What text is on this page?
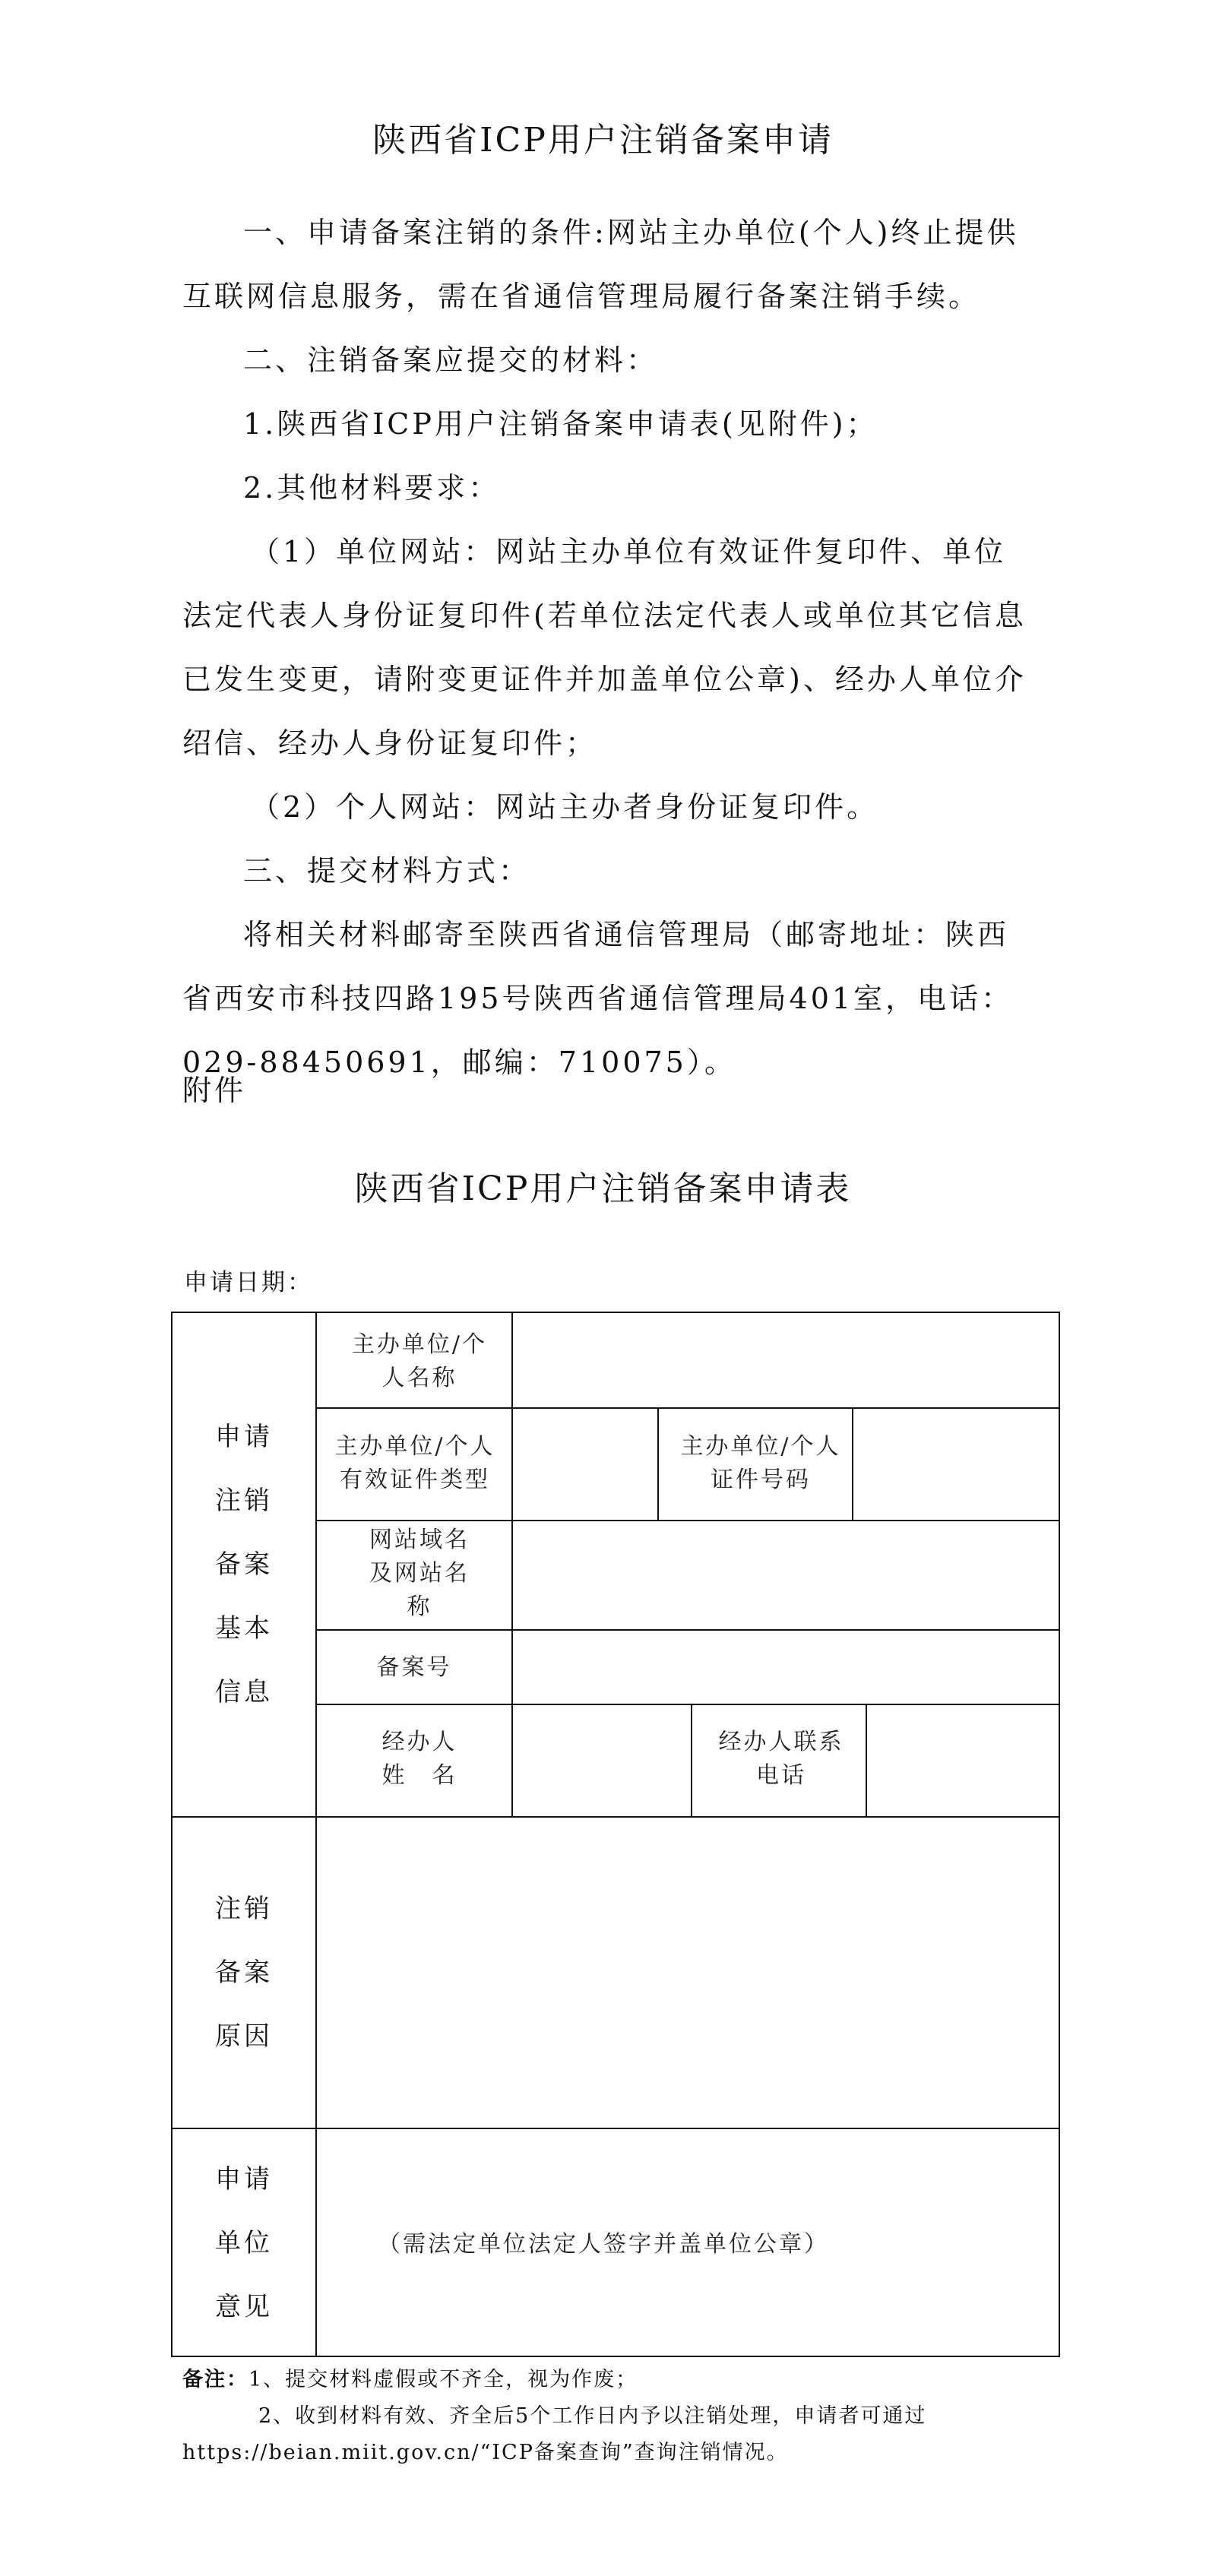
陕西省ICP用户注销备案申请

一、申请备案注销的条件:网站主办单位(个人)终止提供互联网信息服务，需在省通信管理局履行备案注销手续。
二、注销备案应提交的材料：
1.陕西省ICP用户注销备案申请表(见附件)；
2.其他材料要求：
（1）单位网站：网站主办单位有效证件复印件、单位法定代表人身份证复印件(若单位法定代表人或单位其它信息已发生变更，请附变更证件并加盖单位公章)、经办人单位介绍信、经办人身份证复印件；
（2）个人网站：网站主办者身份证复印件。
三、提交材料方式：
将相关材料邮寄至陕西省通信管理局（邮寄地址：陕西省西安市科技四路195号陕西省通信管理局401室，电话：029-88450691，邮编：710075）。
附件
陕西省ICP用户注销备案申请表
申请日期：
申请
注销
备案
基本
信息
主办单位/个人名称
主办单位/个人有效证件类型
主办单位/个人证件号码
网站域名及网站名称
备案号
经办人姓　名
经办人联系电话
注销
备案
原因
申请
单位
意见
（需法定单位法定人签字并盖单位公章）
备注：1、提交材料虚假或不齐全，视为作废；
2、收到材料有效、齐全后5个工作日内予以注销处理，申请者可通过https://beian.miit.gov.cn/“ICP备案查询”查询注销情况。
